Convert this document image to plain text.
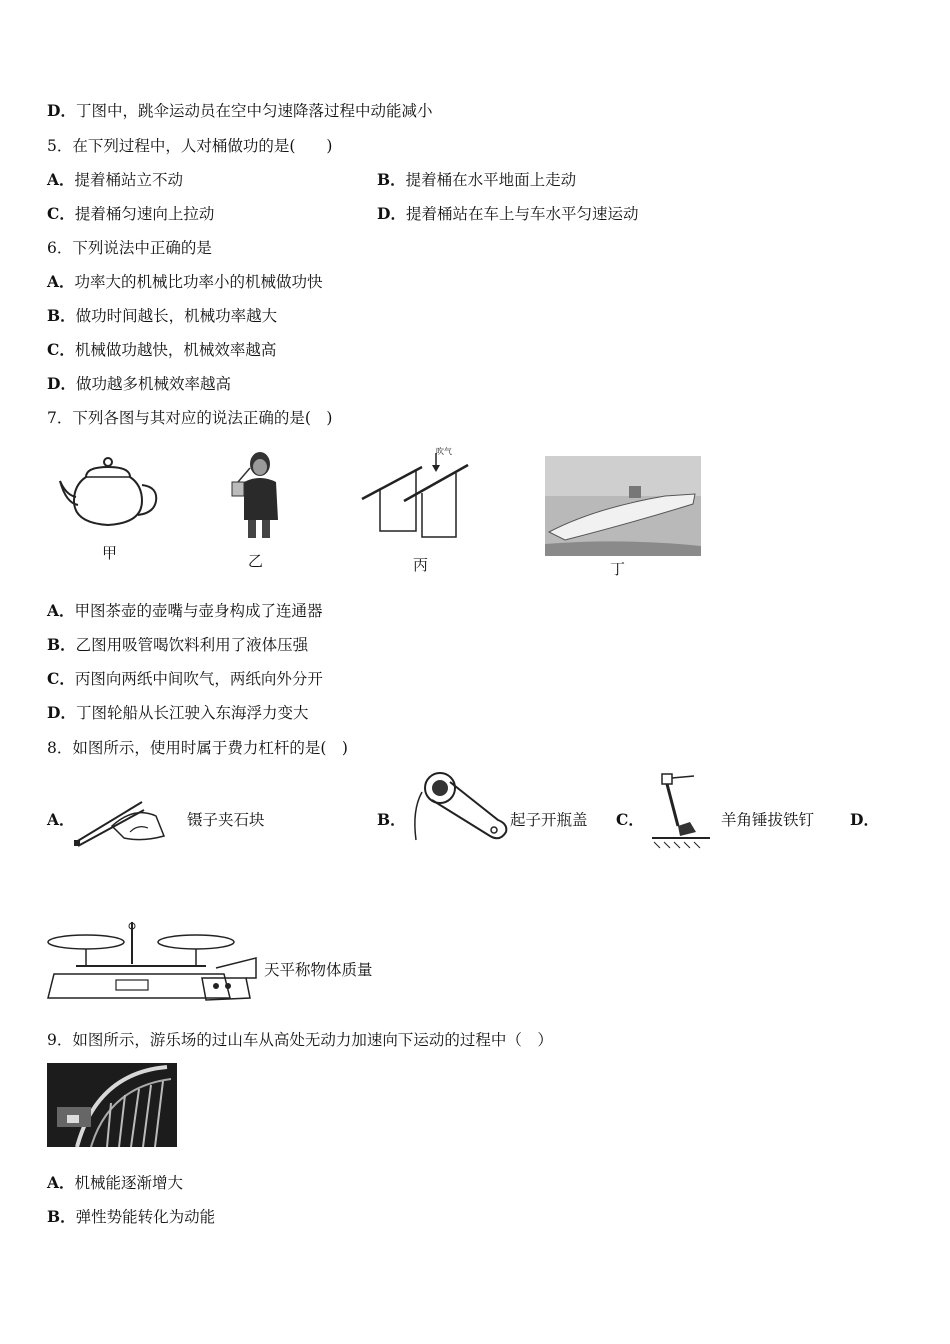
D．丁图中，跳伞运动员在空中匀速降落过程中动能减小
5．在下列过程中，人对桶做功的是(　　)
A．提着桶站立不动	B．提着桶在水平地面上走动
C．提着桶匀速向上拉动	D．提着桶站在车上与车水平匀速运动
6．下列说法中正确的是
A．功率大的机械比功率小的机械做功快
B．做功时间越长，机械功率越大
C．机械做功越快，机械效率越高
D．做功越多机械效率越高
7．下列各图与其对应的说法正确的是(　)
甲	乙
吹气
丙	丁
A．甲图茶壶的壶嘴与壶身构成了连通器
B．乙图用吸管喝饮料利用了液体压强
C．丙图向两纸中间吹气，两纸向外分开
D．丁图轮船从长江驶入东海浮力变大
8．如图所示，使用时属于费力杠杆的是(　)
A．	镊子夹石块	B．	起子开瓶盖 C．	羊角锤拔铁钉 D．
天平称物体质量
9．如图所示，游乐场的过山车从高处无动力加速向下运动的过程中（　）
A．机械能逐渐增大
B．弹性势能转化为动能
